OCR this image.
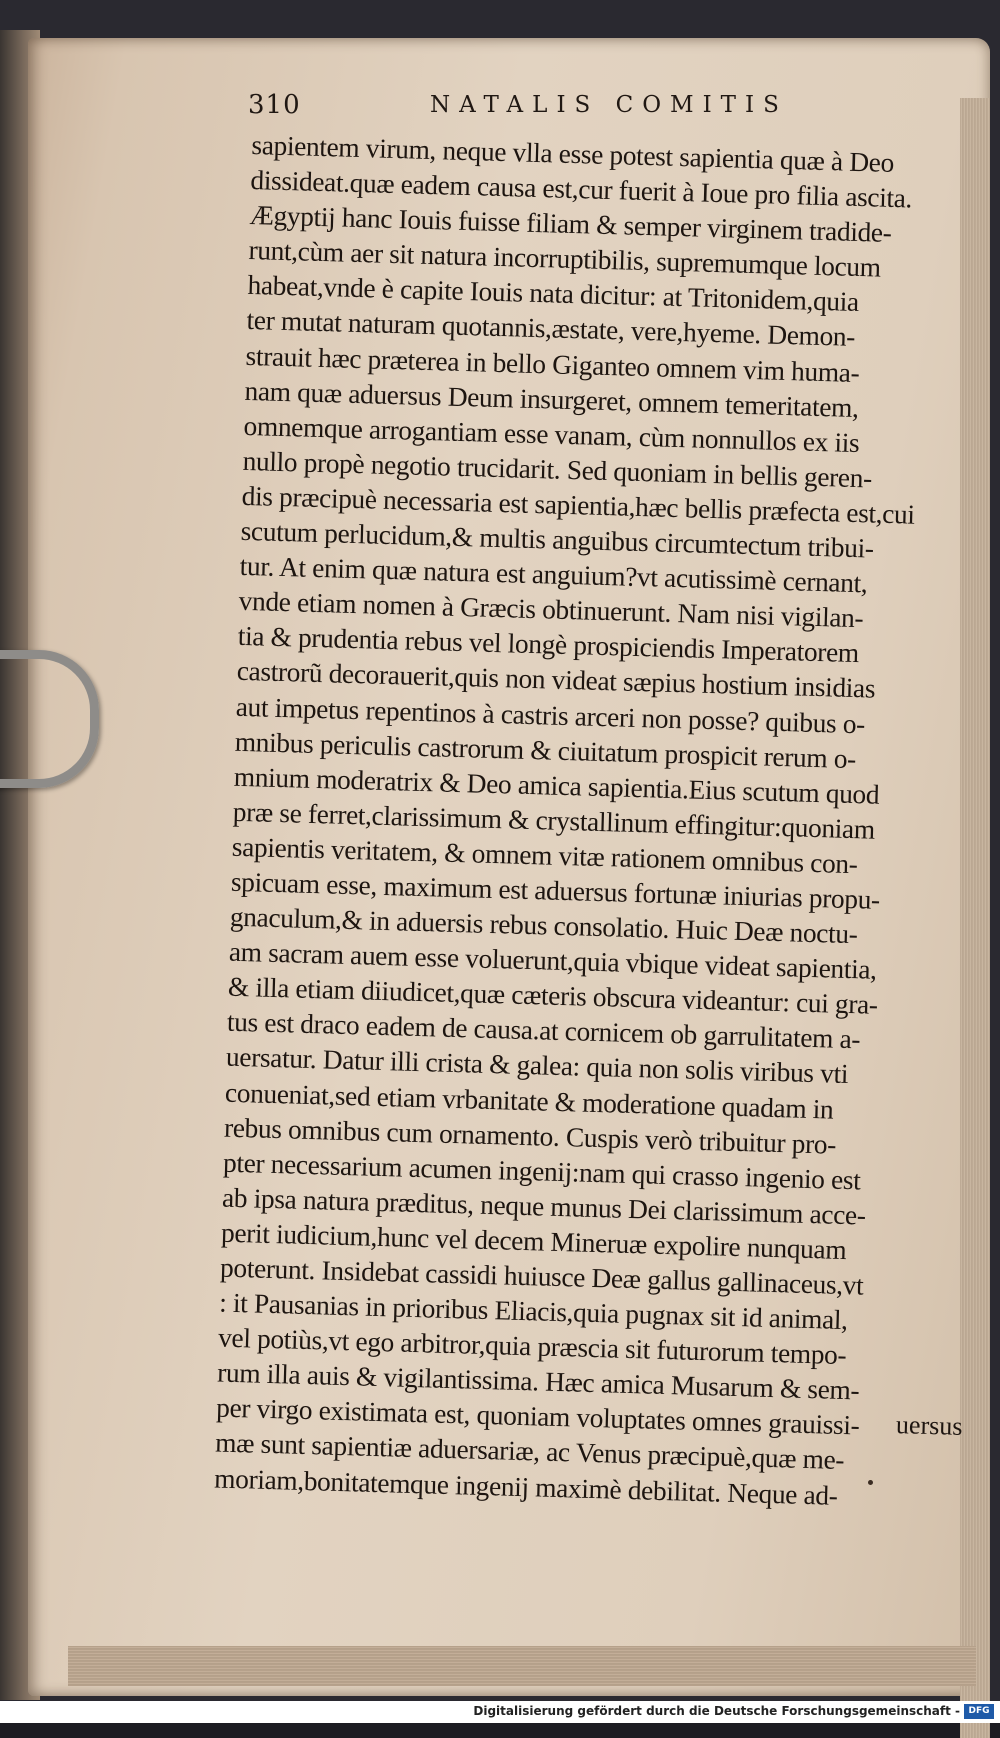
310	NATALIS COMITIS
sapientem virum, neque vlla esse potest sapientia quæ à Deo
dissideat.quæ eadem causa est,cur fuerit à Ioue pro filia ascita.
Ægyptij hanc Iouis fuisse filiam & semper virginem tradide-
runt,cùm aer sit natura incorruptibilis, supremumque locum
habeat,vnde è capite Iouis nata dicitur: at Tritonidem,quia
ter mutat naturam quotannis,æstate, vere,hyeme. Demon-
strauit hæc præterea in bello Giganteo omnem vim huma-
nam quæ aduersus Deum insurgeret, omnem temeritatem,
omnemque arrogantiam esse vanam, cùm nonnullos ex iis
nullo propè negotio trucidarit. Sed quoniam in bellis geren-
dis præcipuè necessaria est sapientia,hæc bellis præfecta est,cui
scutum perlucidum,& multis anguibus circumtectum tribui-
tur. At enim quæ natura est anguium?vt acutissimè cernant,
vnde etiam nomen à Græcis obtinuerunt. Nam nisi vigilan-
tia & prudentia rebus vel longè prospiciendis Imperatorem
castrorũ decorauerit,quis non videat sæpius hostium insidias
aut impetus repentinos à castris arceri non posse? quibus o-
mnibus periculis castrorum & ciuitatum prospicit rerum o-
mnium moderatrix & Deo amica sapientia.Eius scutum quod
præ se ferret,clarissimum & crystallinum effingitur:quoniam
sapientis veritatem, & omnem vitæ rationem omnibus con-
spicuam esse, maximum est aduersus fortunæ iniurias propu-
gnaculum,& in aduersis rebus consolatio. Huic Deæ noctu-
am sacram auem esse voluerunt,quia vbique videat sapientia,
& illa etiam diiudicet,quæ cæteris obscura videantur: cui gra-
tus est draco eadem de causa.at cornicem ob garrulitatem a-
uersatur. Datur illi crista & galea: quia non solis viribus vti
conueniat,sed etiam vrbanitate & moderatione quadam in
rebus omnibus cum ornamento. Cuspis verò tribuitur pro-
pter necessarium acumen ingenij:nam qui crasso ingenio est
ab ipsa natura præditus, neque munus Dei clarissimum acce-
perit iudicium,hunc vel decem Mineruæ expolire nunquam
poterunt. Insidebat cassidi huiusce Deæ gallus gallinaceus,vt
: it Pausanias in prioribus Eliacis,quia pugnax sit id animal,
vel potiùs,vt ego arbitror,quia præscia sit futurorum tempo-
rum illa auis & vigilantissima. Hæc amica Musarum & sem-
per virgo existimata est, quoniam voluptates omnes grauissi-
mæ sunt sapientiæ aduersariæ, ac Venus præcipuè,quæ me-
moriam,bonitatemque ingenij maximè debilitat. Neque ad-
uersus
Digitalisierung gefördert durch die Deutsche Forschungsgemeinschaft - DFG
